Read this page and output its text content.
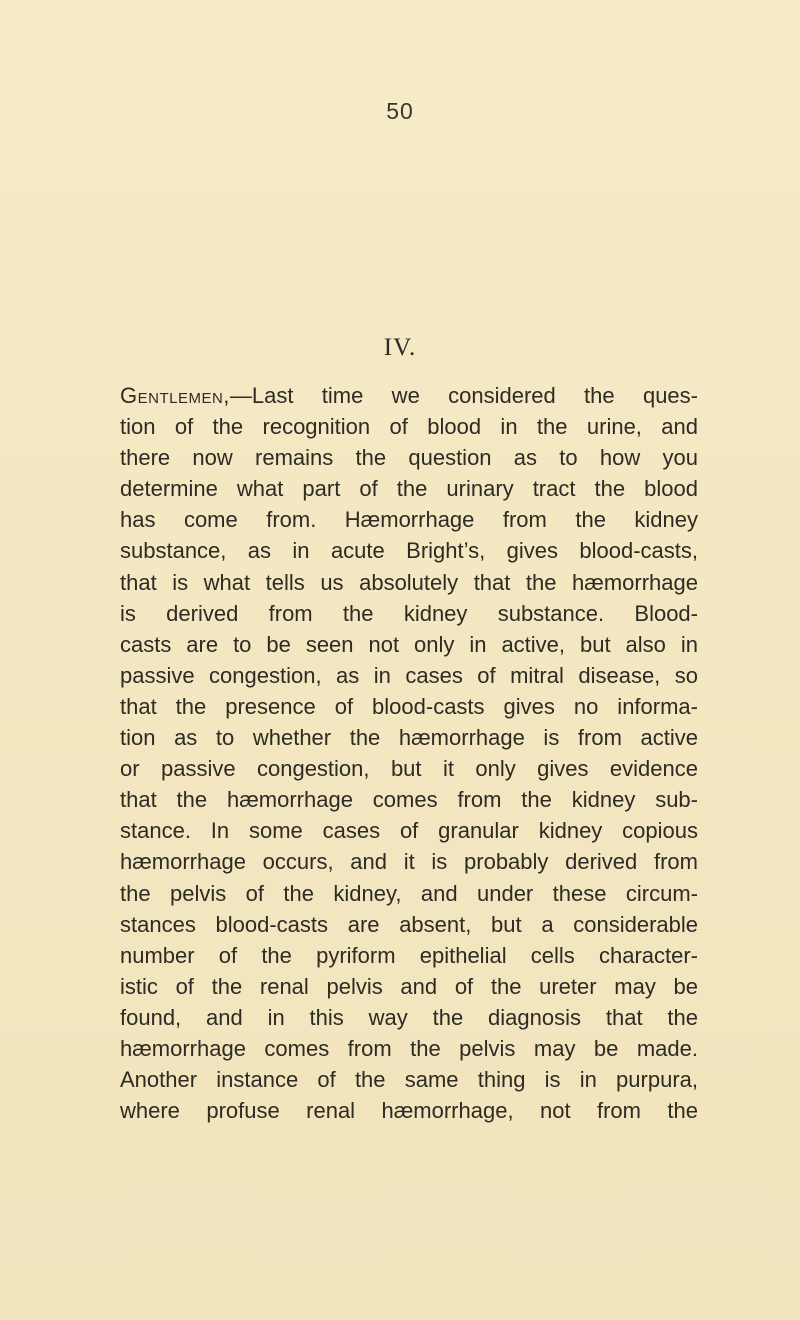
50
IV.
Gentlemen,—Last time we considered the ques-
tion of the recognition of blood in the urine, and
there now remains the question as to how you
determine what part of the urinary tract the blood
has come from. Hæmorrhage from the kidney
substance, as in acute Bright’s, gives blood-casts,
that is what tells us absolutely that the hæmorrhage
is derived from the kidney substance. Blood-
casts are to be seen not only in active, but also in
passive congestion, as in cases of mitral disease, so
that the presence of blood-casts gives no informa-
tion as to whether the hæmorrhage is from active
or passive congestion, but it only gives evidence
that the hæmorrhage comes from the kidney sub-
stance. In some cases of granular kidney copious
hæmorrhage occurs, and it is probably derived from
the pelvis of the kidney, and under these circum-
stances blood-casts are absent, but a considerable
number of the pyriform epithelial cells character-
istic of the renal pelvis and of the ureter may be
found, and in this way the diagnosis that the
hæmorrhage comes from the pelvis may be made.
Another instance of the same thing is in purpura,
where profuse renal hæmorrhage, not from the
